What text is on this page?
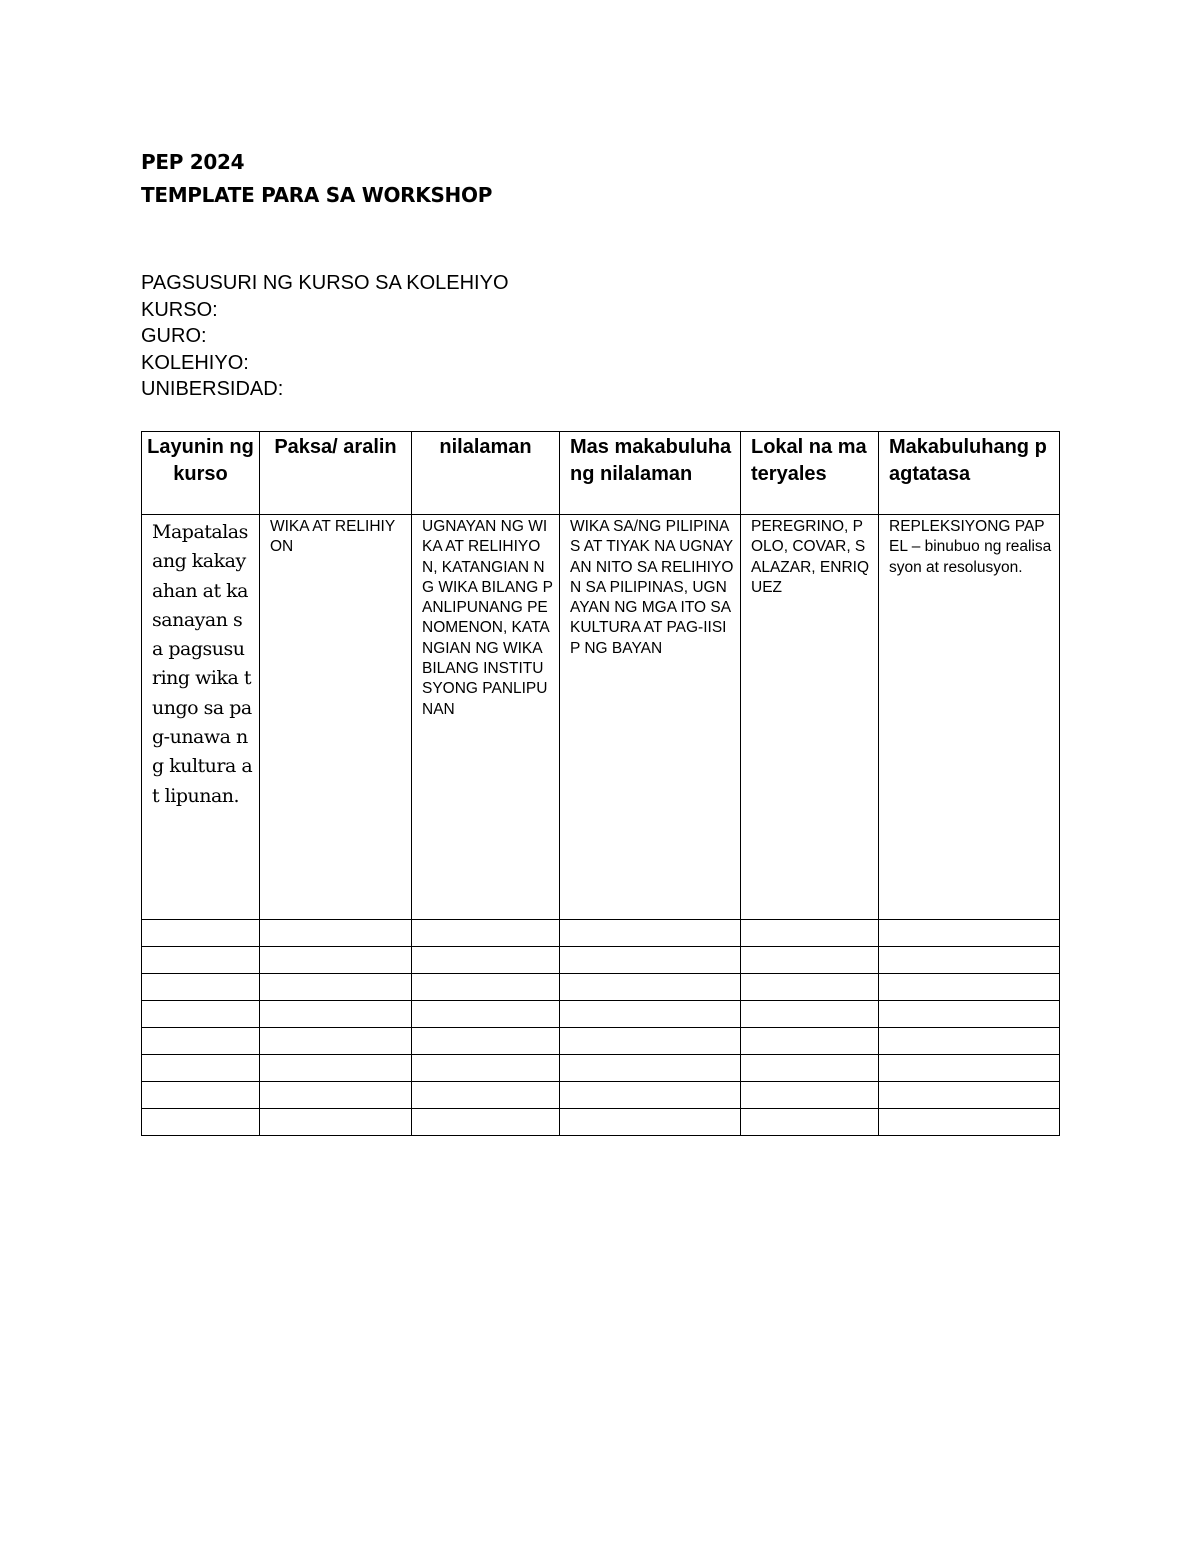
PEP 2024
TEMPLATE PARA SA WORKSHOP
PAGSUSURI NG KURSO SA KOLEHIYO
KURSO:
GURO:
KOLEHIYO:
UNIBERSIDAD:
Layunin ng kurso	Paksa/ aralin	nilalaman	Mas makabuluhang nilalaman	Lokal na materyales	Makabuluhang pagtatasa

Mapatalas ang kakayahan at kasanayan sa pagsusuring wika tungo sa pag-unawa ng kultura at lipunan.	WIKA AT RELIHIYON	UGNAYAN NG WIKA AT RELIHIYON, KATANGIAN NG WIKA BILANG PANLIPUNANG PENOMENON, KATANGIAN NG WIKA BILANG INSTITUSYONG PANLIPUNAN	WIKA SA/NG PILIPINAS AT TIYAK NA UGNAYAN NITO SA RELIHIYON SA PILIPINAS, UGNAYAN NG MGA ITO SA KULTURA AT PAG-IISIP NG BAYAN	PEREGRINO, POLO, COVAR, SALAZAR, ENRIQUEZ	REPLEKSIYONG PAPEL – binubuo ng realisasyon at resolusyon.
